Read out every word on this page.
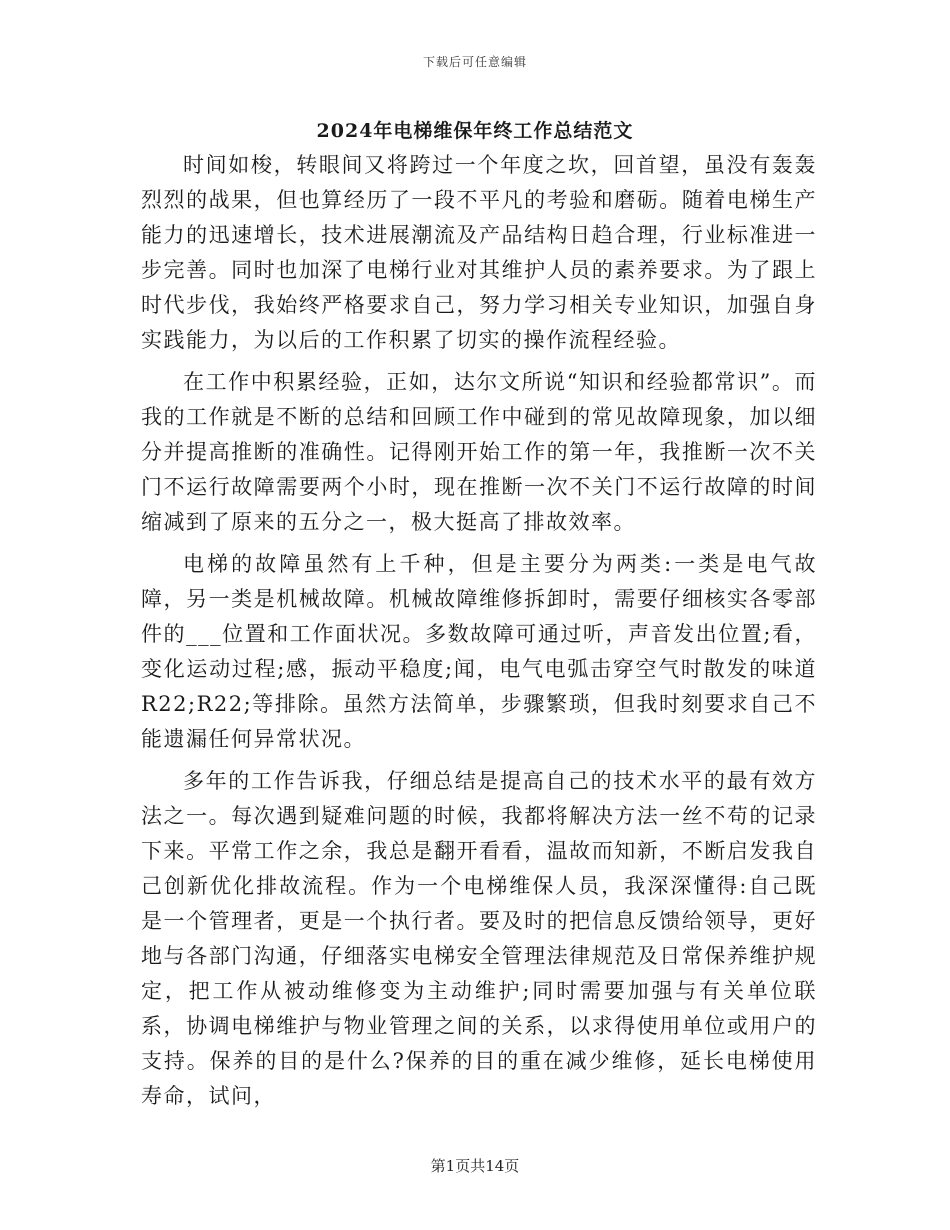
下载后可任意编辑
2024年电梯维保年终工作总结范文

时间如梭，转眼间又将跨过一个年度之坎，回首望，虽没有轰轰烈烈的战果，但也算经历了一段不平凡的考验和磨砺。随着电梯生产能力的迅速增长，技术进展潮流及产品结构日趋合理，行业标准进一步完善。同时也加深了电梯行业对其维护人员的素养要求。为了跟上时代步伐，我始终严格要求自己，努力学习相关专业知识，加强自身实践能力，为以后的工作积累了切实的操作流程经验。

在工作中积累经验，正如，达尔文所说“知识和经验都常识”。而我的工作就是不断的总结和回顾工作中碰到的常见故障现象，加以细分并提高推断的准确性。记得刚开始工作的第一年，我推断一次不关门不运行故障需要两个小时，现在推断一次不关门不运行故障的时间缩减到了原来的五分之一，极大挺高了排故效率。

电梯的故障虽然有上千种，但是主要分为两类:一类是电气故障，另一类是机械故障。机械故障维修拆卸时，需要仔细核实各零部件的___位置和工作面状况。多数故障可通过听，声音发出位置;看，变化运动过程;感，振动平稳度;闻，电气电弧击穿空气时散发的味道R22;R22;等排除。虽然方法简单，步骤繁琐，但我时刻要求自己不能遗漏任何异常状况。

多年的工作告诉我，仔细总结是提高自己的技术水平的最有效方法之一。每次遇到疑难问题的时候，我都将解决方法一丝不苟的记录下来。平常工作之余，我总是翻开看看，温故而知新，不断启发我自己创新优化排故流程。作为一个电梯维保人员，我深深懂得:自己既是一个管理者，更是一个执行者。要及时的把信息反馈给领导，更好地与各部门沟通，仔细落实电梯安全管理法律规范及日常保养维护规定，把工作从被动维修变为主动维护;同时需要加强与有关单位联系，协调电梯维护与物业管理之间的关系，以求得使用单位或用户的支持。保养的目的是什么?保养的目的重在减少维修，延长电梯使用寿命，试问，

第1页共14页
